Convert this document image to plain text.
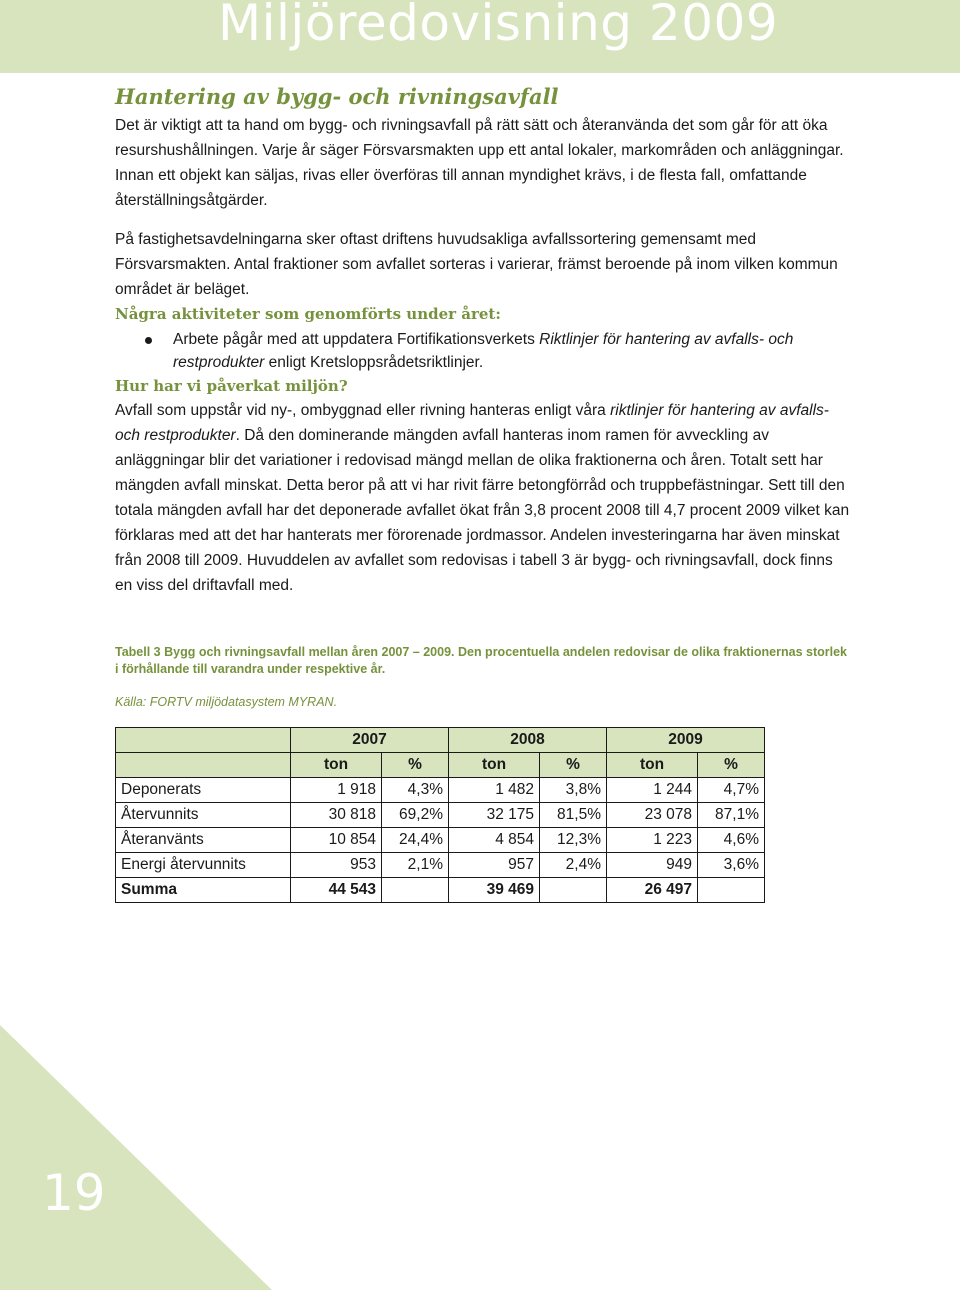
Miljöredovisning 2009
Hantering av bygg- och rivningsavfall

Det är viktigt att ta hand om bygg- och rivningsavfall på rätt sätt och återanvända det som går för att öka resurshushållningen. Varje år säger Försvarsmakten upp ett antal lokaler, markområden och anläggningar. Innan ett objekt kan säljas, rivas eller överföras till annan myndighet krävs, i de flesta fall, omfattande återställningsåtgärder.

På fastighetsavdelningarna sker oftast driftens huvudsakliga avfallssortering gemensamt med Försvarsmakten. Antal fraktioner som avfallet sorteras i varierar, främst beroende på inom vilken kommun området är beläget.

Några aktiviteter som genomförts under året:
Arbete pågår med att uppdatera Fortifikationsverkets Riktlinjer för hantering av avfalls- och restprodukter enligt Kretsloppsrådetsriktlinjer.
Hur har vi påverkat miljön?

Avfall som uppstår vid ny-, ombyggnad eller rivning hanteras enligt våra riktlinjer för hantering av avfalls- och restprodukter. Då den dominerande mängden avfall hanteras inom ramen för avveckling av anläggningar blir det variationer i redovisad mängd mellan de olika fraktionerna och åren. Totalt sett har mängden avfall minskat. Detta beror på att vi har rivit färre betongförråd och truppbefästningar. Sett till den totala mängden avfall har det deponerade avfallet ökat från 3,8 procent 2008 till 4,7 procent 2009 vilket kan förklaras med att det har hanterats mer förorenade jordmassor. Andelen investeringarna har även minskat från 2008 till 2009. Huvuddelen av avfallet som redovisas i tabell 3 är bygg- och rivningsavfall, dock finns en viss del driftavfall med.

Tabell 3 Bygg och rivningsavfall mellan åren 2007 – 2009. Den procentuella andelen redovisar de olika fraktionernas storlek i förhållande till varandra under respektive år.

Källa: FORTV miljödatasystem MYRAN.

	2007		2008		2009	
	ton	%	ton	%	ton	%
Deponerats	1 918	4,3%	1 482	3,8%	1 244	4,7%
Återvunnits	30 818	69,2%	32 175	81,5%	23 078	87,1%
Återanvänts	10 854	24,4%	4 854	12,3%	1 223	4,6%
Energi återvunnits	953	2,1%	957	2,4%	949	3,6%
Summa	44 543		39 469		26 497	
19
